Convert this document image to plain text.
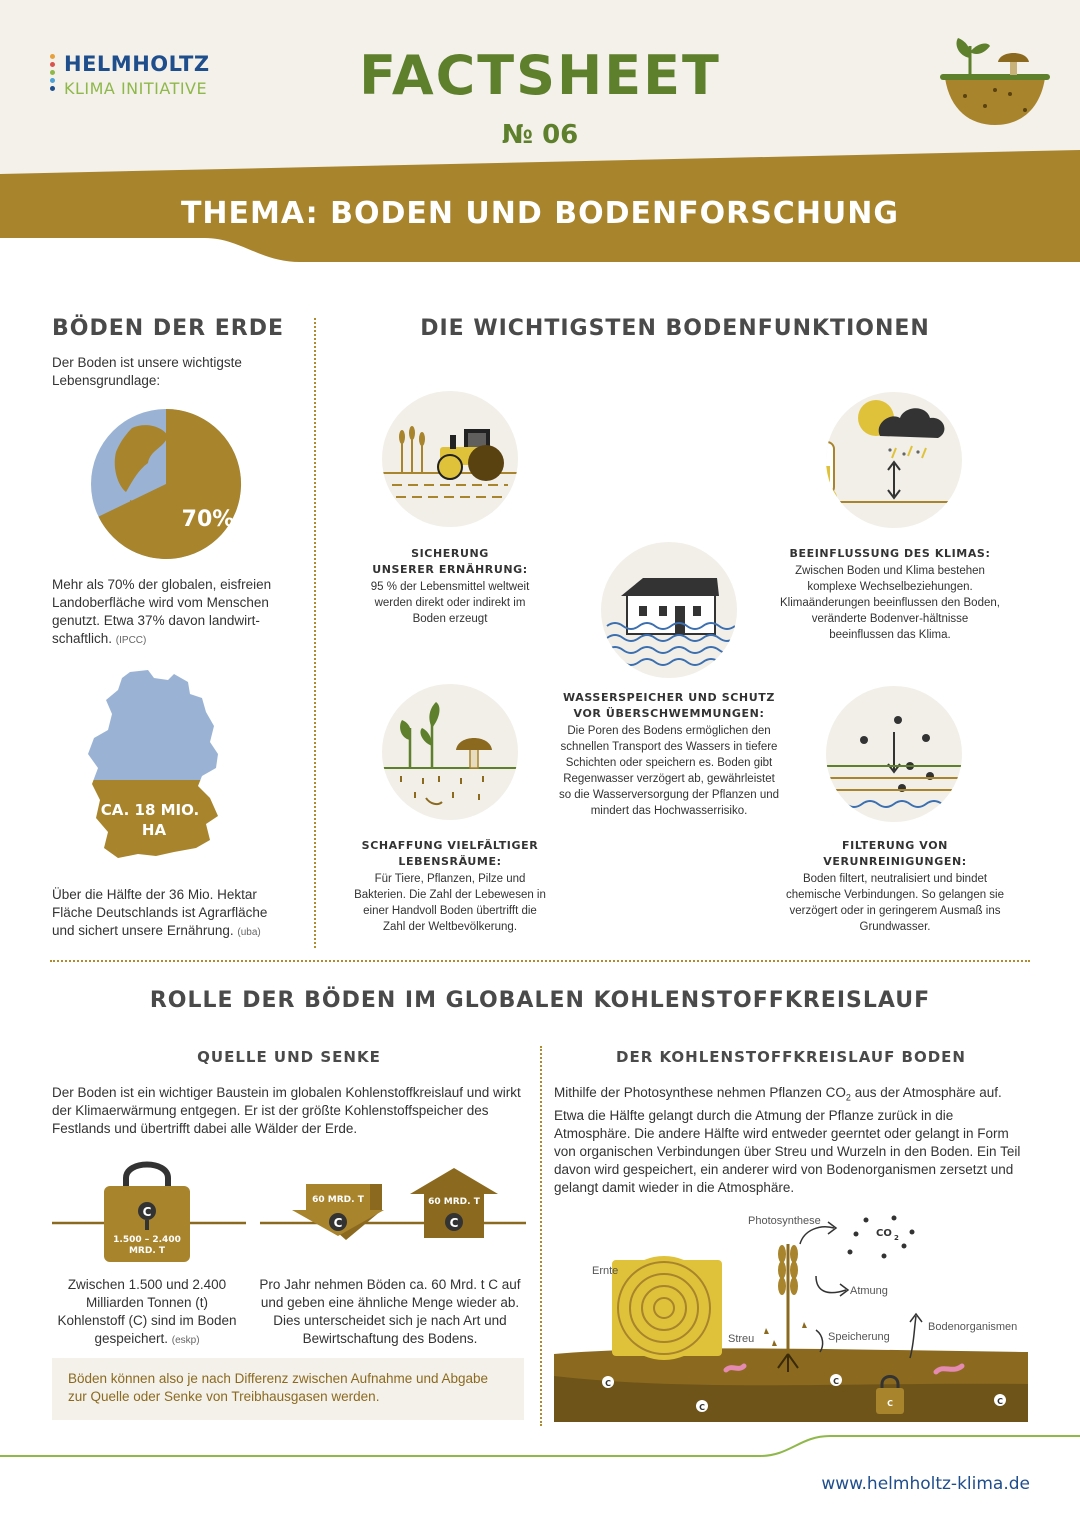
HELMHOLTZ
KLIMA INITIATIVE	FACTSHEET
№ 06
THEMA: BODEN UND BODENFORSCHUNG
BÖDEN DER ERDE
Der Boden ist unsere wichtigste Lebensgrundlage:
70%
Mehr als 70% der globalen, eisfreien Landoberfläche wird vom Menschen genutzt. Etwa 37% davon landwirt-schaftlich. (IPCC)
CA. 18 MIO.
HA
Über die Hälfte der 36 Mio. Hektar Fläche Deutschlands ist Agrarfläche und sichert unsere Ernährung. (uba)
DIE WICHTIGSTEN BODENFUNKTIONEN
SICHERUNG
UNSERER ERNÄHRUNG:
95 % der Lebensmittel weltweit werden direkt oder indirekt im Boden erzeugt
BEEINFLUSSUNG DES KLIMAS:
Zwischen Boden und Klima bestehen komplexe Wechselbeziehungen. Klimaänderungen beeinflussen den Boden, veränderte Bodenver-hältnisse beeinflussen das Klima.
WASSERSPEICHER UND SCHUTZ
VOR ÜBERSCHWEMMUNGEN:
Die Poren des Bodens ermöglichen den schnellen Transport des Wassers in tiefere Schichten oder speichern es. Boden gibt Regenwasser verzögert ab, gewährleistet so die Wasserversorgung der Pflanzen und mindert das Hochwasserrisiko.
SCHAFFUNG VIELFÄLTIGER
LEBENSRÄUME:
Für Tiere, Pflanzen, Pilze und Bakterien. Die Zahl der Lebewesen in einer Handvoll Boden übertrifft die Zahl der Weltbevölkerung.
FILTERUNG VON
VERUNREINIGUNGEN:
Boden filtert, neutralisiert und bindet chemische Verbindungen. So gelangen sie verzögert oder in geringerem Ausmaß ins Grundwasser.
ROLLE DER BÖDEN IM GLOBALEN KOHLENSTOFFKREISLAUF
QUELLE UND SENKE
Der Boden ist ein wichtiger Baustein im globalen Kohlenstoffkreislauf und wirkt der Klimaerwärmung entgegen. Er ist der größte Kohlenstoffspeicher des Festlands und übertrifft dabei alle Wälder der Erde.
C
1.500 – 2.400
MRD. T
60 MRD. T
C
60 MRD. T
C
Zwischen 1.500 und 2.400 Milliarden Tonnen (t) Kohlenstoff (C) sind im Boden gespeichert. (eskp)
Pro Jahr nehmen Böden ca. 60 Mrd. t C auf und geben eine ähnliche Menge wieder ab. Dies unterscheidet sich je nach Art und Bewirtschaftung des Bodens.
Böden können also je nach Differenz zwischen Aufnahme und Abgabe zur Quelle oder Senke von Treibhausgasen werden.
DER KOHLENSTOFFKREISLAUF BODEN
Mithilfe der Photosynthese nehmen Pflanzen $CO_2$ aus der Atmosphäre auf. Etwa die Hälfte gelangt durch die Atmung der Pflanze zurück in die Atmosphäre. Die andere Hälfte wird entweder geerntet oder gelangt in Form von organischen Verbindungen über Streu und Wurzeln in den Boden. Ein Teil davon wird gespeichert, ein anderer wird von Bodenorganismen zersetzt und gelangt damit wieder in die Atmosphäre.
CO 2
Photosynthese
Ernte
Atmung
Bodenorganismen
Streu	Speicherung
C
C
C
C
C
www.helmholtz-klima.de
